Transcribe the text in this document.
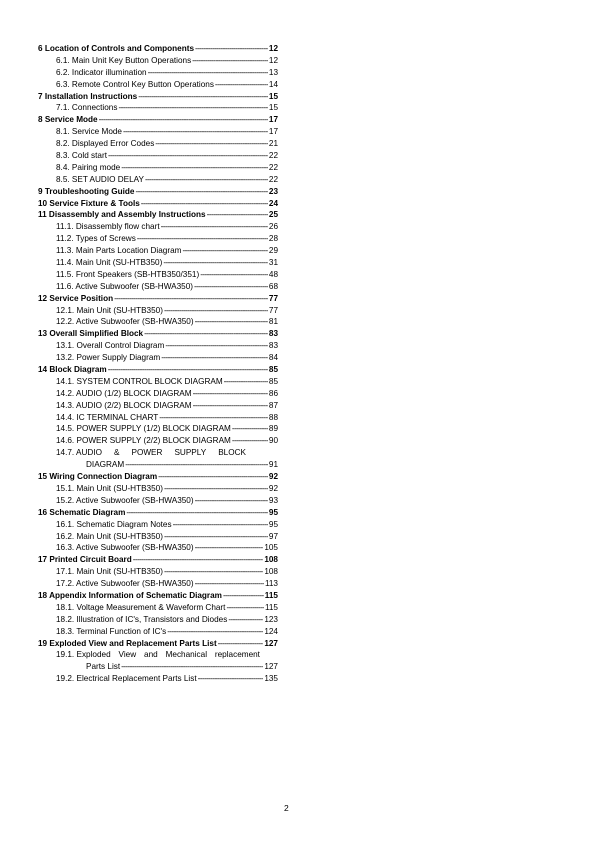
6 Location of Controls and Components -----	12
6.1. Main Unit Key Button Operations -----	12
6.2. Indicator illumination -----	13
6.3. Remote Control Key Button Operations -----	14
7 Installation Instructions -----	15
7.1. Connections -----	15
8 Service Mode -----	17
8.1. Service Mode -----	17
8.2. Displayed Error Codes -----	21
8.3. Cold start -----	22
8.4. Pairing mode -----	22
8.5. SET AUDIO DELAY -----	22
9 Troubleshooting Guide -----	23
10 Service Fixture & Tools -----	24
11 Disassembly and Assembly Instructions -----	25
11.1. Disassembly flow chart -----	26
11.2. Types of Screws -----	28
11.3. Main Parts Location Diagram -----	29
11.4. Main Unit (SU-HTB350) -----	31
11.5. Front Speakers (SB-HTB350/351) -----	48
11.6. Active Subwoofer (SB-HWA350) -----	68
12 Service Position -----	77
12.1. Main Unit (SU-HTB350) -----	77
12.2. Active Subwoofer (SB-HWA350) -----	81
13 Overall Simplified Block -----	83
13.1. Overall Control Diagram -----	83
13.2. Power Supply Diagram -----	84
14 Block Diagram -----	85
14.1. SYSTEM CONTROL BLOCK DIAGRAM -----	85
14.2. AUDIO (1/2) BLOCK DIAGRAM -----	86
14.3. AUDIO (2/2) BLOCK DIAGRAM -----	87
14.4. IC TERMINAL CHART -----	88
14.5. POWER SUPPLY (1/2) BLOCK DIAGRAM -----	89
14.6. POWER SUPPLY (2/2) BLOCK DIAGRAM -----	90
14.7. AUDIO & POWER SUPPLY BLOCK
DIAGRAM -----	91
15 Wiring Connection Diagram -----	92
15.1. Main Unit (SU-HTB350) -----	92
15.2. Active Subwoofer (SB-HWA350) -----	93
16 Schematic Diagram -----	95
16.1. Schematic Diagram Notes -----	95
16.2. Main Unit (SU-HTB350) -----	97
16.3. Active Subwoofer (SB-HWA350) -----	105
17 Printed Circuit Board -----	108
17.1. Main Unit (SU-HTB350) -----	108
17.2. Active Subwoofer (SB-HWA350) -----	113
18 Appendix Information of Schematic Diagram -----	115
18.1. Voltage Measurement & Waveform Chart -----	115
18.2. Illustration of IC's, Transistors and Diodes -----	123
18.3. Terminal Function of IC's -----	124
19 Exploded View and Replacement Parts List -----	127
19.1. Exploded View and Mechanical replacement
Parts List -----	127
19.2. Electrical Replacement Parts List -----	135
2
